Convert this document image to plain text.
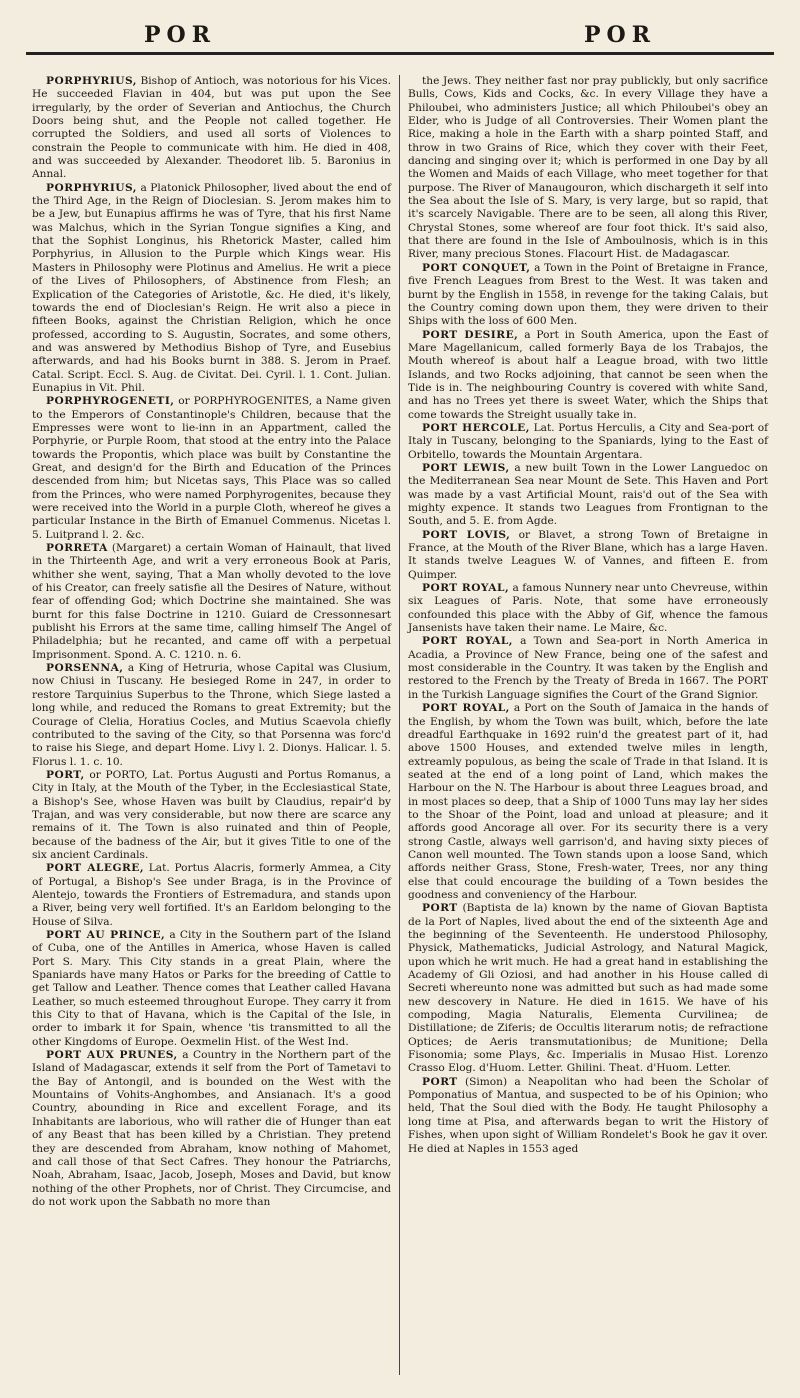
POR	POR

PORPHYRIUS, Bishop of Antioch, was notorious for his Vices. He succeeded Flavian in 404, but was put upon the See irregularly, by the order of Severian and Antiochus, the Church Doors being shut, and the People not called together. He corrupted the Soldiers, and used all sorts of Violences to constrain the People to communicate with him. He died in 408, and was succeeded by Alexander. Theodoret lib. 5. Baronius in Annal.

PORPHYRIUS, a Platonick Philosopher, lived about the end of the Third Age, in the Reign of Dioclesian. S. Jerom makes him to be a Jew, but Eunapius affirms he was of Tyre, that his first Name was Malchus, which in the Syrian Tongue signifies a King, and that the Sophist Longinus, his Rhetorick Master, called him Porphyrius, in Allusion to the Purple which Kings wear. His Masters in Philosophy were Plotinus and Amelius. He writ a piece of the Lives of Philosophers, of Abstinence from Flesh; an Explication of the Categories of Aristotle, &c. He died, it's likely, towards the end of Dioclesian's Reign. He writ also a piece in fifteen Books, against the Christian Religion, which he once professed, according to S. Augustin, Socrates, and some others, and was answered by Methodius Bishop of Tyre, and Eusebius afterwards, and had his Books burnt in 388. S. Jerom in Praef. Catal. Script. Eccl. S. Aug. de Civitat. Dei. Cyril. l. 1. Cont. Julian. Eunapius in Vit. Phil.

PORPHYROGENETI, or PORPHYROGENITES, a Name given to the Emperors of Constantinople's Children, because that the Empresses were wont to lie-inn in an Appartment, called the Porphyrie, or Purple Room, that stood at the entry into the Palace towards the Propontis, which place was built by Constantine the Great, and design'd for the Birth and Education of the Princes descended from him; but Nicetas says, This Place was so called from the Princes, who were named Porphyrogenites, because they were received into the World in a purple Cloth, whereof he gives a particular Instance in the Birth of Emanuel Commenus. Nicetas l. 5. Luitprand l. 2. &c.

PORRETA (Margaret) a certain Woman of Hainault, that lived in the Thirteenth Age, and writ a very erroneous Book at Paris, whither she went, saying, That a Man wholly devoted to the love of his Creator, can freely satisfie all the Desires of Nature, without fear of offending God; which Doctrine she maintained. She was burnt for this false Doctrine in 1210. Guiard de Cressonnesart publisht his Errors at the same time, calling himself The Angel of Philadelphia; but he recanted, and came off with a perpetual Imprisonment. Spond. A. C. 1210. n. 6.

PORSENNA, a King of Hetruria, whose Capital was Clusium, now Chiusi in Tuscany. He besieged Rome in 247, in order to restore Tarquinius Superbus to the Throne, which Siege lasted a long while, and reduced the Romans to great Extremity; but the Courage of Clelia, Horatius Cocles, and Mutius Scaevola chiefly contributed to the saving of the City, so that Porsenna was forc'd to raise his Siege, and depart Home. Livy l. 2. Dionys. Halicar. l. 5. Florus l. 1. c. 10.

PORT, or PORTO, Lat. Portus Augusti and Portus Romanus, a City in Italy, at the Mouth of the Tyber, in the Ecclesiastical State, a Bishop's See, whose Haven was built by Claudius, repair'd by Trajan, and was very considerable, but now there are scarce any remains of it. The Town is also ruinated and thin of People, because of the badness of the Air, but it gives Title to one of the six ancient Cardinals.

PORT ALEGRE, Lat. Portus Alacris, formerly Ammea, a City of Portugal, a Bishop's See under Braga, is in the Province of Alentejo, towards the Frontiers of Estremadura, and stands upon a River, being very well fortified. It's an Earldom belonging to the House of Silva.

PORT AU PRINCE, a City in the Southern part of the Island of Cuba, one of the Antilles in America, whose Haven is called Port S. Mary. This City stands in a great Plain, where the Spaniards have many Hatos or Parks for the breeding of Cattle to get Tallow and Leather. Thence comes that Leather called Havana Leather, so much esteemed throughout Europe. They carry it from this City to that of Havana, which is the Capital of the Isle, in order to imbark it for Spain, whence 'tis transmitted to all the other Kingdoms of Europe. Oexmelin Hist. of the West Ind.

PORT AUX PRUNES, a Country in the Northern part of the Island of Madagascar, extends it self from the Port of Tametavi to the Bay of Antongil, and is bounded on the West with the Mountains of Vohits-Anghombes, and Ansianach. It's a good Country, abounding in Rice and excellent Forage, and its Inhabitants are laborious, who will rather die of Hunger than eat of any Beast that has been killed by a Christian. They pretend they are descended from Abraham, know nothing of Mahomet, and call those of that Sect Cafres. They honour the Patriarchs, Noah, Abraham, Isaac, Jacob, Joseph, Moses and David, but know nothing of the other Prophets, nor of Christ. They Circumcise, and do not work upon the Sabbath no more than

the Jews. They neither fast nor pray publickly, but only sacrifice Bulls, Cows, Kids and Cocks, &c. In every Village they have a Philoubei, who administers Justice; all which Philoubei's obey an Elder, who is Judge of all Controversies. Their Women plant the Rice, making a hole in the Earth with a sharp pointed Staff, and throw in two Grains of Rice, which they cover with their Feet, dancing and singing over it; which is performed in one Day by all the Women and Maids of each Village, who meet together for that purpose. The River of Manaugouron, which dischargeth it self into the Sea about the Isle of S. Mary, is very large, but so rapid, that it's scarcely Navigable. There are to be seen, all along this River, Chrystal Stones, some whereof are four foot thick. It's said also, that there are found in the Isle of Amboulnosis, which is in this River, many precious Stones. Flacourt Hist. de Madagascar.

PORT CONQUET, a Town in the Point of Bretaigne in France, five French Leagues from Brest to the West. It was taken and burnt by the English in 1558, in revenge for the taking Calais, but the Country coming down upon them, they were driven to their Ships with the loss of 600 Men.

PORT DESIRE, a Port in South America, upon the East of Mare Magellanicum, called formerly Baya de los Trabajos, the Mouth whereof is about half a League broad, with two little Islands, and two Rocks adjoining, that cannot be seen when the Tide is in. The neighbouring Country is covered with white Sand, and has no Trees yet there is sweet Water, which the Ships that come towards the Streight usually take in.

PORT HERCOLE, Lat. Portus Herculis, a City and Sea-port of Italy in Tuscany, belonging to the Spaniards, lying to the East of Orbitello, towards the Mountain Argentara.

PORT LEWIS, a new built Town in the Lower Languedoc on the Mediterranean Sea near Mount de Sete. This Haven and Port was made by a vast Artificial Mount, rais'd out of the Sea with mighty expence. It stands two Leagues from Frontignan to the South, and 5. E. from Agde.

PORT LOVIS, or Blavet, a strong Town of Bretaigne in France, at the Mouth of the River Blane, which has a large Haven. It stands twelve Leagues W. of Vannes, and fifteen E. from Quimper.

PORT ROYAL, a famous Nunnery near unto Chevreuse, within six Leagues of Paris. Note, that some have erroneously confounded this place with the Abby of Gif, whence the famous Jansenists have taken their name. Le Maire, &c.

PORT ROYAL, a Town and Sea-port in North America in Acadia, a Province of New France, being one of the safest and most considerable in the Country. It was taken by the English and restored to the French by the Treaty of Breda in 1667. The PORT in the Turkish Language signifies the Court of the Grand Signior.

PORT ROYAL, a Port on the South of Jamaica in the hands of the English, by whom the Town was built, which, before the late dreadful Earthquake in 1692 ruin'd the greatest part of it, had above 1500 Houses, and extended twelve miles in length, extreamly populous, as being the scale of Trade in that Island. It is seated at the end of a long point of Land, which makes the Harbour on the N. The Harbour is about three Leagues broad, and in most places so deep, that a Ship of 1000 Tuns may lay her sides to the Shoar of the Point, load and unload at pleasure; and it affords good Ancorage all over. For its security there is a very strong Castle, always well garrison'd, and having sixty pieces of Canon well mounted. The Town stands upon a loose Sand, which affords neither Grass, Stone, Fresh-water, Trees, nor any thing else that could encourage the building of a Town besides the goodness and conveniency of the Harbour.

PORT (Baptista de la) known by the name of Giovan Baptista de la Port of Naples, lived about the end of the sixteenth Age and the beginning of the Seventeenth. He understood Philosophy, Physick, Mathematicks, Judicial Astrology, and Natural Magick, upon which he writ much. He had a great hand in establishing the Academy of Gli Oziosi, and had another in his House called di Secreti whereunto none was admitted but such as had made some new descovery in Nature. He died in 1615. We have of his compoding, Magia Naturalis, Elementa Curvilinea; de Distillatione; de Ziferis; de Occultis literarum notis; de refractione Optices; de Aeris transmutationibus; de Munitione; Della Fisonomia; some Plays, &c. Imperialis in Musao Hist. Lorenzo Crasso Elog. d'Huom. Letter. Ghilini. Theat. d'Huom. Letter.

PORT (Simon) a Neapolitan who had been the Scholar of Pomponatius of Mantua, and suspected to be of his Opinion; who held, That the Soul died with the Body. He taught Philosophy a long time at Pisa, and afterwards began to writ the History of Fishes, when upon sight of William Rondelet's Book he gav it over. He died at Naples in 1553 aged
